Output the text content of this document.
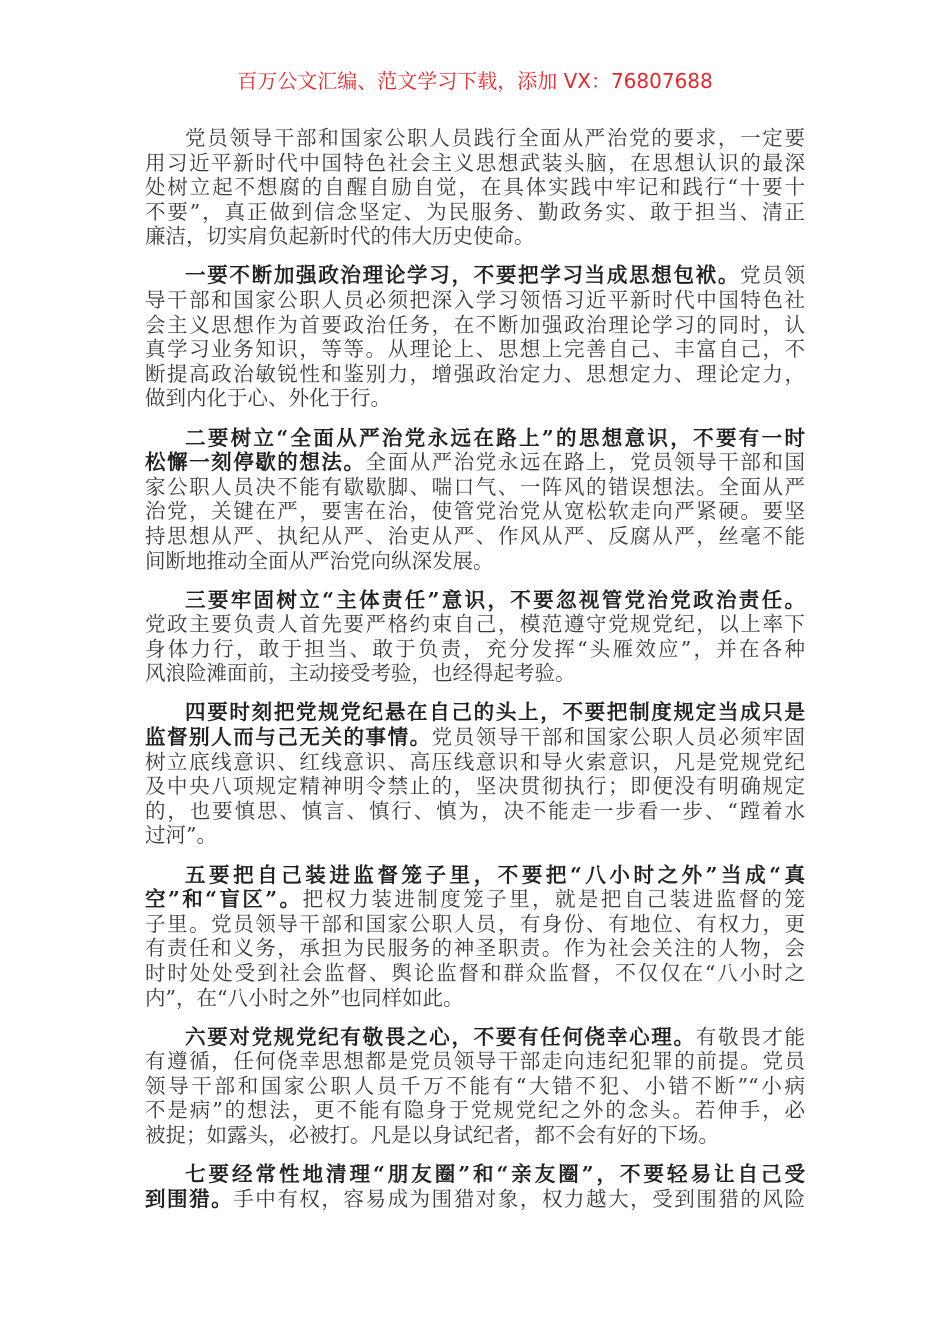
百万公文汇编、范文学习下载，添加 VX：76807688
党员领导干部和国家公职人员践行全面从严治党的要求，一定要
用习近平新时代中国特色社会主义思想武装头脑，在思想认识的最深
处树立起不想腐的自醒自励自觉，在具体实践中牢记和践行“十要十
不要”，真正做到信念坚定、为民服务、勤政务实、敢于担当、清正
廉洁，切实肩负起新时代的伟大历史使命。
一要不断加强政治理论学习，不要把学习当成思想包袱。党员领
导干部和国家公职人员必须把深入学习领悟习近平新时代中国特色社
会主义思想作为首要政治任务，在不断加强政治理论学习的同时，认
真学习业务知识，等等。从理论上、思想上完善自己、丰富自己，不
断提高政治敏锐性和鉴别力，增强政治定力、思想定力、理论定力，
做到内化于心、外化于行。
二要树立“全面从严治党永远在路上”的思想意识，不要有一时
松懈一刻停歇的想法。全面从严治党永远在路上，党员领导干部和国
家公职人员决不能有歇歇脚、喘口气、一阵风的错误想法。全面从严
治党，关键在严，要害在治，使管党治党从宽松软走向严紧硬。要坚
持思想从严、执纪从严、治吏从严、作风从严、反腐从严，丝毫不能
间断地推动全面从严治党向纵深发展。
三要牢固树立“主体责任”意识，不要忽视管党治党政治责任。
党政主要负责人首先要严格约束自己，模范遵守党规党纪，以上率下
身体力行，敢于担当、敢于负责，充分发挥“头雁效应”，并在各种
风浪险滩面前，主动接受考验，也经得起考验。
四要时刻把党规党纪悬在自己的头上，不要把制度规定当成只是
监督别人而与己无关的事情。党员领导干部和国家公职人员必须牢固
树立底线意识、红线意识、高压线意识和导火索意识，凡是党规党纪
及中央八项规定精神明令禁止的，坚决贯彻执行；即便没有明确规定
的，也要慎思、慎言、慎行、慎为，决不能走一步看一步、“蹚着水
过河”。
五要把自己装进监督笼子里，不要把“八小时之外”当成“真
空”和“盲区”。把权力装进制度笼子里，就是把自己装进监督的笼
子里。党员领导干部和国家公职人员，有身份、有地位、有权力，更
有责任和义务，承担为民服务的神圣职责。作为社会关注的人物，会
时时处处受到社会监督、舆论监督和群众监督，不仅仅在“八小时之
内”，在“八小时之外”也同样如此。
六要对党规党纪有敬畏之心，不要有任何侥幸心理。有敬畏才能
有遵循，任何侥幸思想都是党员领导干部走向违纪犯罪的前提。党员
领导干部和国家公职人员千万不能有“大错不犯、小错不断”“小病
不是病”的想法，更不能有隐身于党规党纪之外的念头。若伸手，必
被捉；如露头，必被打。凡是以身试纪者，都不会有好的下场。
七要经常性地清理“朋友圈”和“亲友圈”，不要轻易让自己受
到围猎。手中有权，容易成为围猎对象，权力越大，受到围猎的风险
